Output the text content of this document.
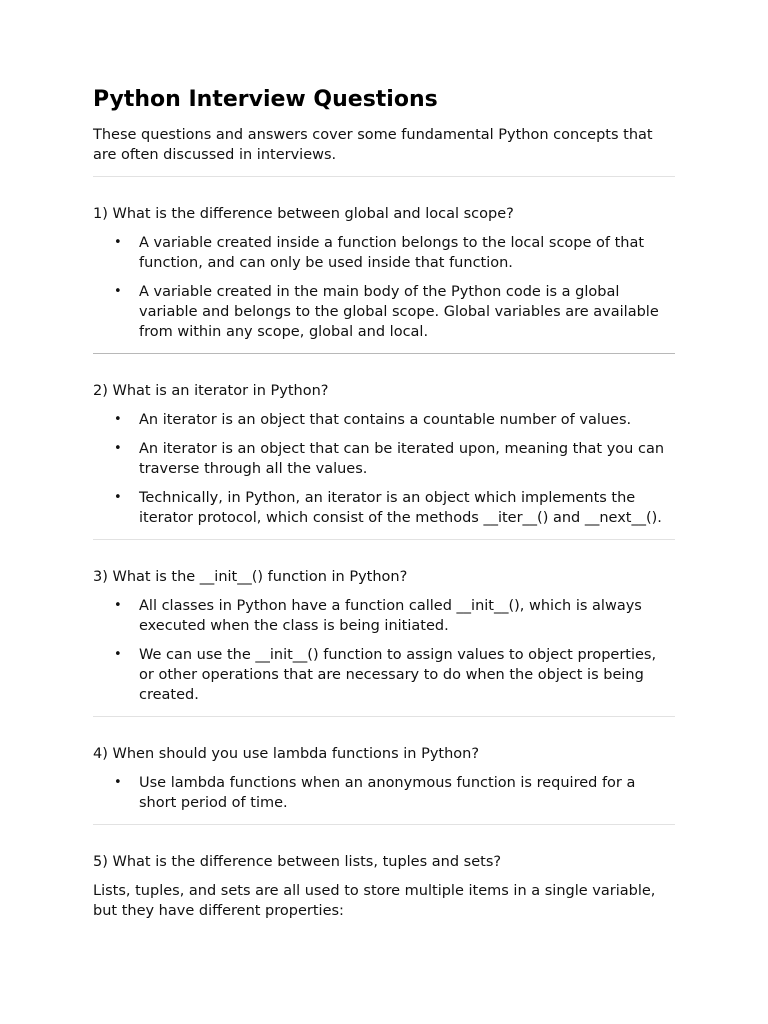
Python Interview Questions

These questions and answers cover some fundamental Python concepts that are often discussed in interviews.

1) What is the difference between global and local scope?

• A variable created inside a function belongs to the local scope of that function, and can only be used inside that function.
• A variable created in the main body of the Python code is a global variable and belongs to the global scope. Global variables are available from within any scope, global and local.

2) What is an iterator in Python?

• An iterator is an object that contains a countable number of values.
• An iterator is an object that can be iterated upon, meaning that you can traverse through all the values.
• Technically, in Python, an iterator is an object which implements the iterator protocol, which consist of the methods __iter__() and __next__().

3) What is the __init__() function in Python?

• All classes in Python have a function called __init__(), which is always executed when the class is being initiated.
• We can use the __init__() function to assign values to object properties, or other operations that are necessary to do when the object is being created.

4) When should you use lambda functions in Python?

• Use lambda functions when an anonymous function is required for a short period of time.

5) What is the difference between lists, tuples and sets?

Lists, tuples, and sets are all used to store multiple items in a single variable, but they have different properties:
